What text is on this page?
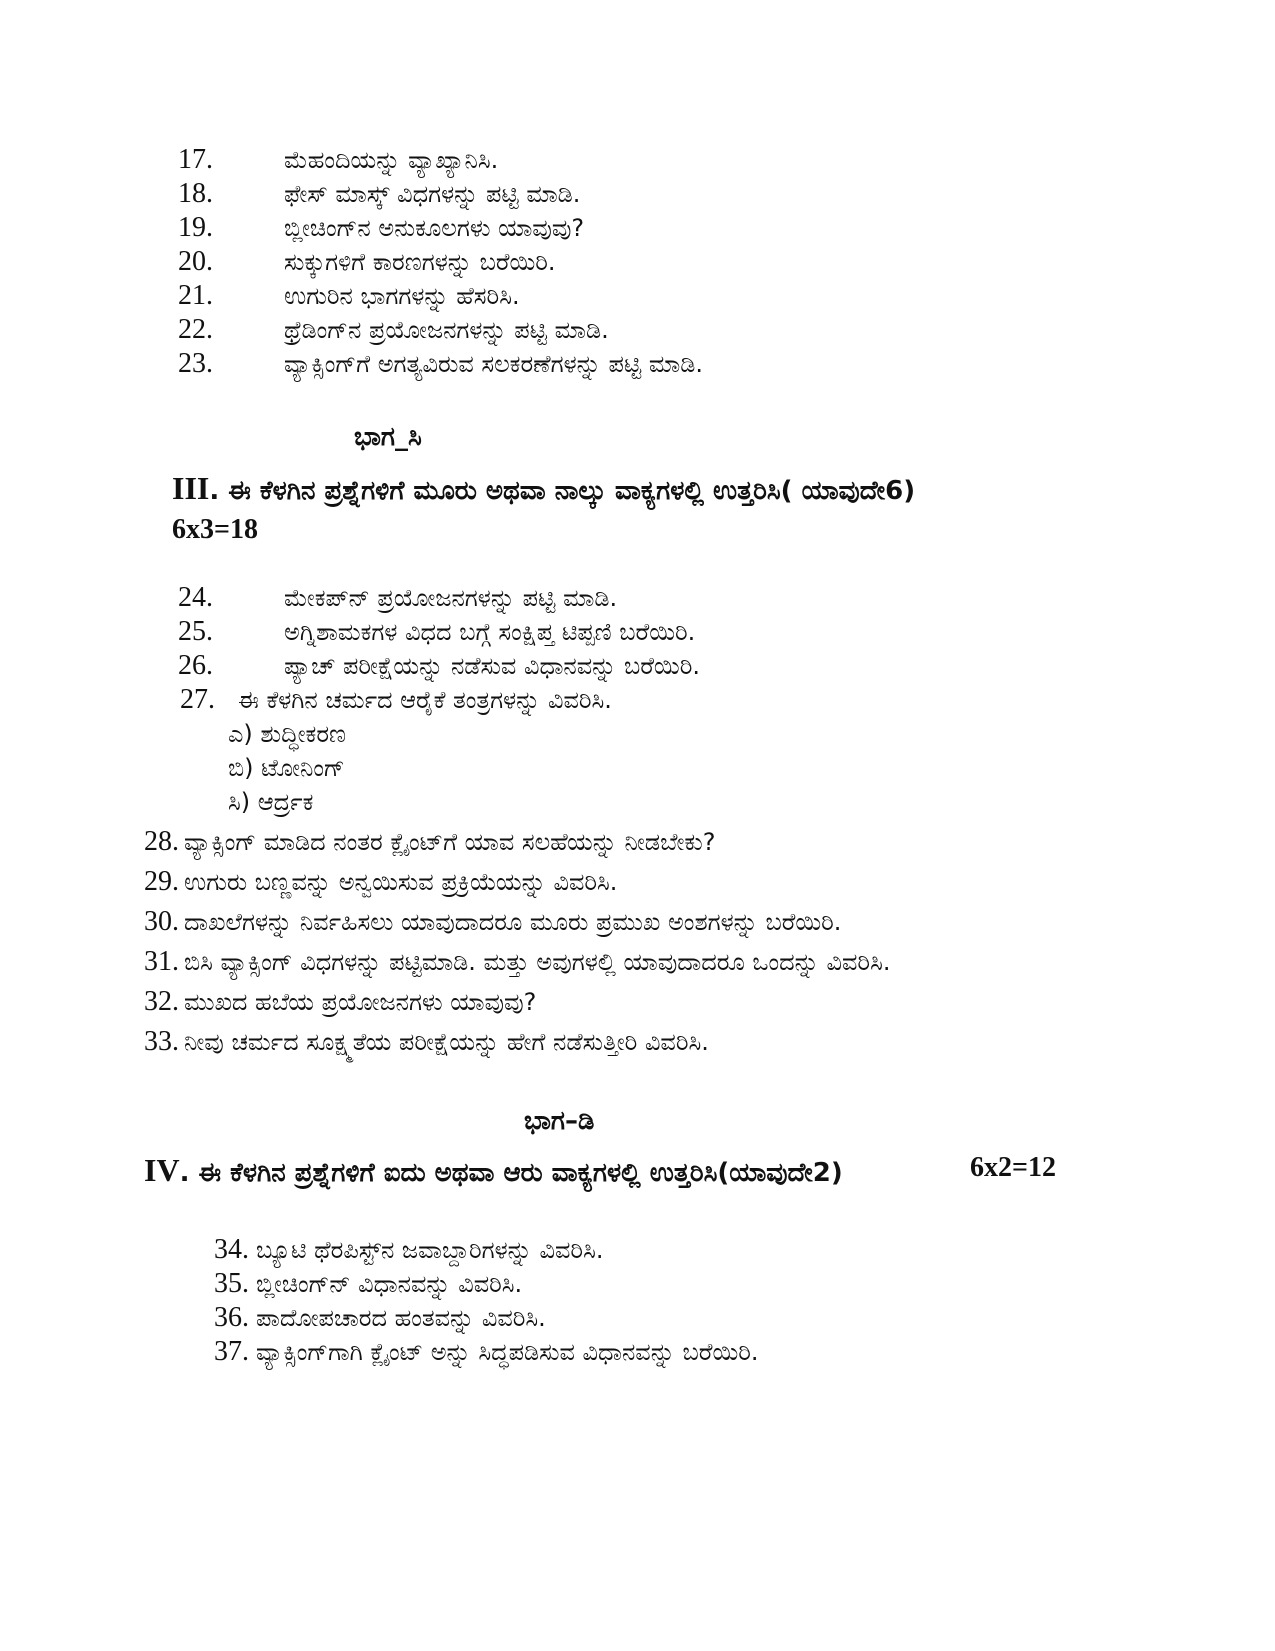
17.	ಮೆಹಂದಿಯನ್ನು ವ್ಯಾಖ್ಯಾನಿಸಿ.
18.	ಫೇಸ್ ಮಾಸ್ಕ್ ವಿಧಗಳನ್ನು ಪಟ್ಟಿ ಮಾಡಿ.
19.	ಬ್ಲೀಚಿಂಗ್‌ನ ಅನುಕೂಲಗಳು ಯಾವುವು?
20.	ಸುಕ್ಕುಗಳಿಗೆ ಕಾರಣಗಳನ್ನು ಬರೆಯಿರಿ.
21.	ಉಗುರಿನ ಭಾಗಗಳನ್ನು ಹೆಸರಿಸಿ.
22.	ಥ್ರೆಡಿಂಗ್‌ನ ಪ್ರಯೋಜನಗಳನ್ನು ಪಟ್ಟಿ ಮಾಡಿ.
23.	ವ್ಯಾಕ್ಸಿಂಗ್‌ಗೆ ಅಗತ್ಯವಿರುವ ಸಲಕರಣೆಗಳನ್ನು ಪಟ್ಟಿ ಮಾಡಿ.
ಭಾಗ_ಸಿ
III. ಈ ಕೆಳಗಿನ ಪ್ರಶ್ನೆಗಳಿಗೆ ಮೂರು ಅಥವಾ ನಾಲ್ಕು ವಾಕ್ಯಗಳಲ್ಲಿ ಉತ್ತರಿಸಿ( ಯಾವುದೇ6)
6x3=18
24.	ಮೇಕಪ್‌ನ್ ಪ್ರಯೋಜನಗಳನ್ನು ಪಟ್ಟಿ ಮಾಡಿ.
25.	ಅಗ್ನಿಶಾಮಕಗಳ ವಿಧದ ಬಗ್ಗೆ ಸಂಕ್ಷಿಪ್ತ ಟಿಪ್ಪಣಿ ಬರೆಯಿರಿ.
26.	ಪ್ಯಾಚ್ ಪರೀಕ್ಷೆಯನ್ನು ನಡೆಸುವ ವಿಧಾನವನ್ನು ಬರೆಯಿರಿ.
27. ಈ ಕೆಳಗಿನ ಚರ್ಮದ ಆರೈಕೆ ತಂತ್ರಗಳನ್ನು ವಿವರಿಸಿ.
ಎ) ಶುದ್ಧೀಕರಣ
ಬಿ) ಟೋನಿಂಗ್
ಸಿ) ಆರ್ದ್ರಕ
28. ವ್ಯಾಕ್ಸಿಂಗ್ ಮಾಡಿದ ನಂತರ ಕ್ಲೈಂಟ್‌ಗೆ ಯಾವ ಸಲಹೆಯನ್ನು ನೀಡಬೇಕು?
29. ಉಗುರು ಬಣ್ಣವನ್ನು ಅನ್ವಯಿಸುವ ಪ್ರಕ್ರಿಯೆಯನ್ನು ವಿವರಿಸಿ.
30. ದಾಖಲೆಗಳನ್ನು ನಿರ್ವಹಿಸಲು ಯಾವುದಾದರೂ ಮೂರು ಪ್ರಮುಖ ಅಂಶಗಳನ್ನು ಬರೆಯಿರಿ.
31. ಬಿಸಿ ವ್ಯಾಕ್ಸಿಂಗ್ ವಿಧಗಳನ್ನು ಪಟ್ಟಿಮಾಡಿ. ಮತ್ತು ಅವುಗಳಲ್ಲಿ ಯಾವುದಾದರೂ ಒಂದನ್ನು ವಿವರಿಸಿ.
32. ಮುಖದ ಹಬೆಯ ಪ್ರಯೋಜನಗಳು ಯಾವುವು?
33. ನೀವು ಚರ್ಮದ ಸೂಕ್ಷ್ಮತೆಯ ಪರೀಕ್ಷೆಯನ್ನು ಹೇಗೆ ನಡೆಸುತ್ತೀರಿ ವಿವರಿಸಿ.
ಭಾಗ–ಡಿ
IV. ಈ ಕೆಳಗಿನ ಪ್ರಶ್ನೆಗಳಿಗೆ ಐದು ಅಥವಾ ಆರು ವಾಕ್ಯಗಳಲ್ಲಿ ಉತ್ತರಿಸಿ(ಯಾವುದೇ2)	6x2=12
34. ಬ್ಯೂಟಿ ಥೆರಪಿಸ್ಟ್‌ನ ಜವಾಬ್ದಾರಿಗಳನ್ನು ವಿವರಿಸಿ.
35. ಬ್ಲೀಚಿಂಗ್‌ನ್ ವಿಧಾನವನ್ನು ವಿವರಿಸಿ.
36. ಪಾದೋಪಚಾರದ ಹಂತವನ್ನು ವಿವರಿಸಿ.
37. ವ್ಯಾಕ್ಸಿಂಗ್‌ಗಾಗಿ ಕ್ಲೈಂಟ್ ಅನ್ನು ಸಿದ್ಧಪಡಿಸುವ ವಿಧಾನವನ್ನು ಬರೆಯಿರಿ.
